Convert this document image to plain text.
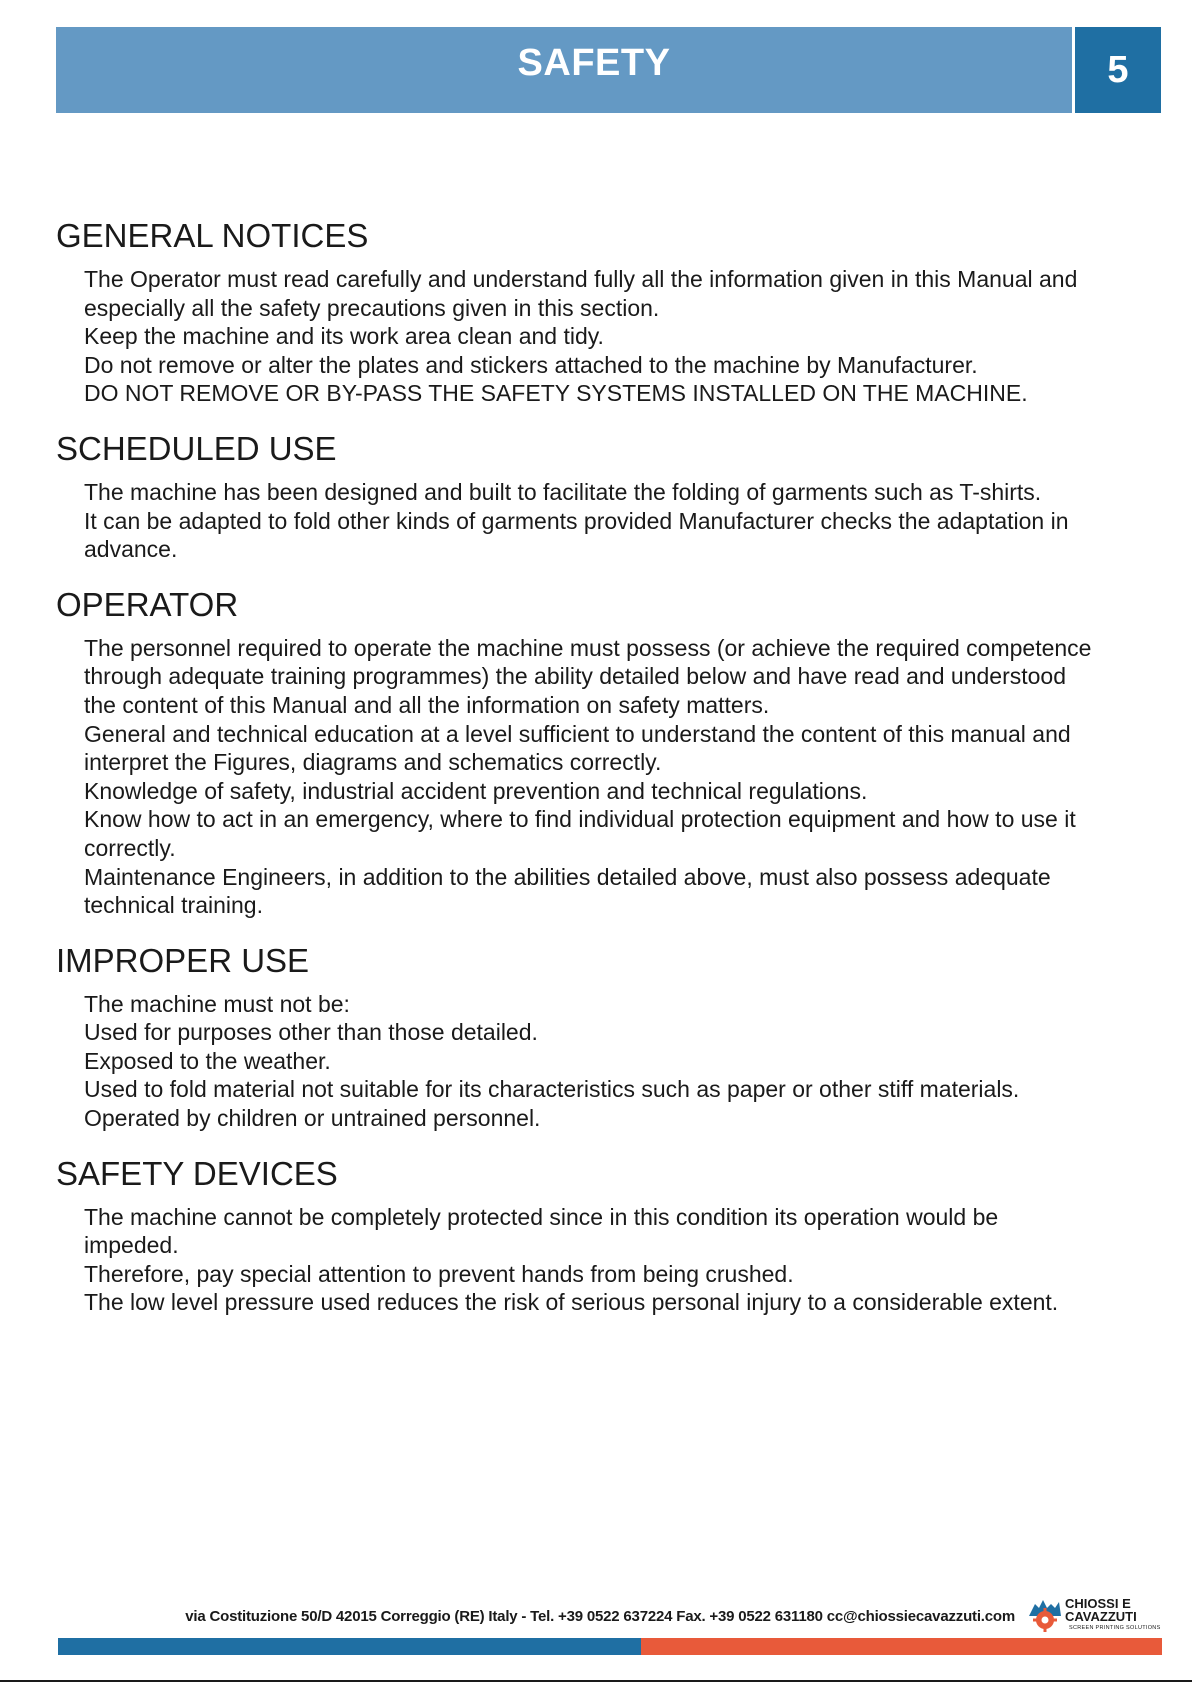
SAFETY	5
GENERAL NOTICES

The Operator must read carefully and understand fully all the information given in this Manual and

especially all the safety precautions given in this section.

Keep the machine and its work area clean and tidy.

Do not remove or alter the plates and stickers attached to the machine by Manufacturer.

DO NOT REMOVE OR BY-PASS THE SAFETY SYSTEMS INSTALLED ON THE MACHINE.

SCHEDULED USE

The machine has been designed and built to facilitate the folding of garments such as T-shirts.

It can be adapted to fold other kinds of garments provided Manufacturer checks the adaptation in

advance.

OPERATOR

The personnel required to operate the machine must possess (or achieve the required competence

through adequate training programmes) the ability detailed below and have read and understood

the content of this Manual and all the information on safety matters.

General and technical education at a level sufficient to understand the content of this manual and

interpret the Figures, diagrams and schematics correctly.

Knowledge of safety, industrial accident prevention and technical regulations.

Know how to act in an emergency, where to find individual protection equipment and how to use it

correctly.

Maintenance Engineers, in addition to the abilities detailed above, must also possess adequate

technical training.

IMPROPER USE

The machine must not be:

Used for purposes other than those detailed.

Exposed to the weather.

Used to fold material not suitable for its characteristics such as paper or other stiff materials.

Operated by children or untrained personnel.

SAFETY DEVICES

The machine cannot be completely protected since in this condition its operation would be

impeded.

Therefore, pay special attention to prevent hands from being crushed.

The low level pressure used reduces the risk of serious personal injury to a considerable extent.

via Costituzione 50/D 42015 Correggio (RE) Italy - Tel. +39 0522 637224 Fax. +39 0522 631180 cc@chiossiecavazzuti.com
CHIOSSI E
CAVAZZUTI
SCREEN PRINTING SOLUTIONS
